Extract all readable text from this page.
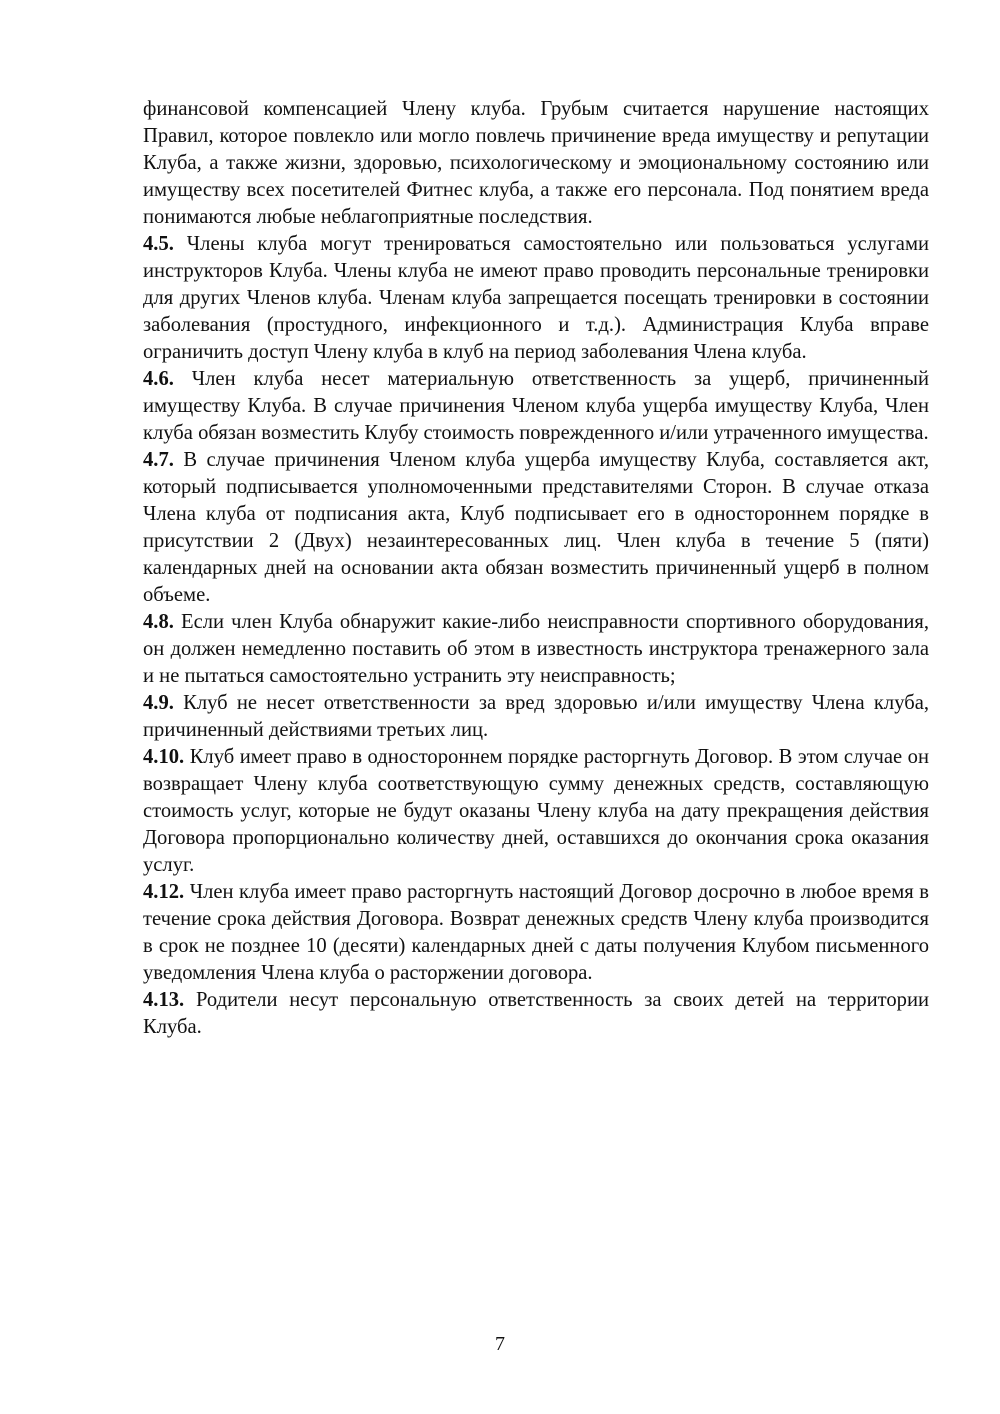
финансовой компенсацией Члену клуба. Грубым считается нарушение настоящих Правил, которое повлекло или могло повлечь причинение вреда имуществу и репутации Клуба, а также жизни, здоровью, психологическому и эмоциональному состоянию или имуществу всех посетителей Фитнес клуба, а также его персонала. Под понятием вреда понимаются любые неблагоприятные последствия.

4.5. Члены клуба могут тренироваться самостоятельно или пользоваться услугами инструкторов Клуба. Члены клуба не имеют право проводить персональные тренировки для других Членов клуба. Членам клуба запрещается посещать тренировки в состоянии заболевания (простудного, инфекционного и т.д.). Администрация Клуба вправе ограничить доступ Члену клуба в клуб на период заболевания Члена клуба.

4.6. Член клуба несет материальную ответственность за ущерб, причиненный имуществу Клуба. В случае причинения Членом клуба ущерба имуществу Клуба, Член клуба обязан возместить Клубу стоимость поврежденного и/или утраченного имущества.

4.7. В случае причинения Членом клуба ущерба имуществу Клуба, составляется акт, который подписывается уполномоченными представителями Сторон. В случае отказа Члена клуба от подписания акта, Клуб подписывает его в одностороннем порядке в присутствии 2 (Двух) незаинтересованных лиц. Член клуба в течение 5 (пяти) календарных дней на основании акта обязан возместить причиненный ущерб в полном объеме.

4.8. Если член Клуба обнаружит какие-либо неисправности спортивного оборудования, он должен немедленно поставить об этом в известность инструктора тренажерного зала и не пытаться самостоятельно устранить эту неисправность;

4.9. Клуб не несет ответственности за вред здоровью и/или имуществу Члена клуба, причиненный действиями третьих лиц.

4.10. Клуб имеет право в одностороннем порядке расторгнуть Договор. В этом случае он возвращает Члену клуба соответствующую сумму денежных средств, составляющую стоимость услуг, которые не будут оказаны Члену клуба на дату прекращения действия Договора пропорционально количеству дней, оставшихся до окончания срока оказания услуг.

4.12. Член клуба имеет право расторгнуть настоящий Договор досрочно в любое время в течение срока действия Договора. Возврат денежных средств Члену клуба производится в срок не позднее 10 (десяти) календарных дней с даты получения Клубом письменного уведомления Члена клуба о расторжении договора.

4.13. Родители несут персональную ответственность за своих детей на территории Клуба.

7
